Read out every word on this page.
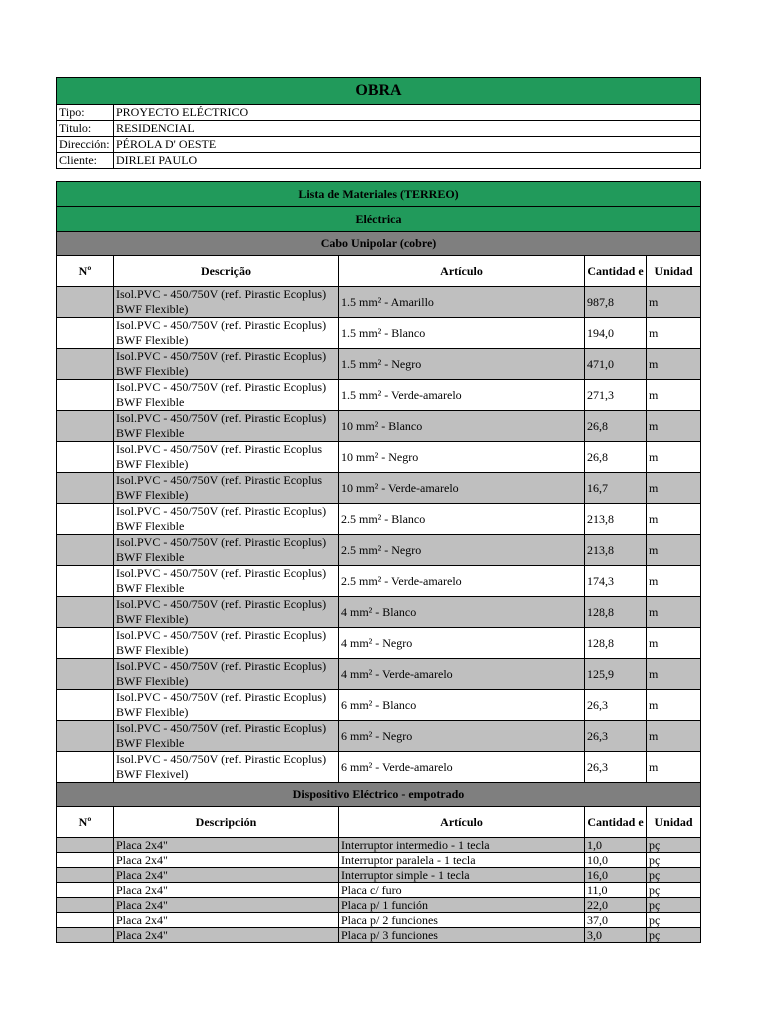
OBRA	
Tipo:	PROYECTO ELÉCTRICO
Titulo:	RESIDENCIAL
Dirección:	PÉROLA D' OESTE
Cliente:	DIRLEI PAULO
Lista de Materiales (TERREO)				
Eléctrica				
Cabo Unipolar (cobre)				
Nº	Descrição	Artículo	Cantidad e	Unidad
	Isol.PVC - 450/750V (ref. Pirastic Ecoplus) BWF Flexible)	1.5 mm² - Amarillo	987,8	m
	Isol.PVC - 450/750V (ref. Pirastic Ecoplus) BWF Flexible)	1.5 mm² - Blanco	194,0	m
	Isol.PVC - 450/750V (ref. Pirastic Ecoplus) BWF Flexible)	1.5 mm² - Negro	471,0	m
	Isol.PVC - 450/750V (ref. Pirastic Ecoplus) BWF Flexible	1.5 mm² - Verde-amarelo	271,3	m
	Isol.PVC - 450/750V (ref. Pirastic Ecoplus) BWF Flexible	10 mm² - Blanco	26,8	m
	Isol.PVC - 450/750V (ref. Pirastic Ecoplus BWF Flexible)	10 mm² - Negro	26,8	m
	Isol.PVC - 450/750V (ref. Pirastic Ecoplus BWF Flexible)	10 mm² - Verde-amarelo	16,7	m
	Isol.PVC - 450/750V (ref. Pirastic Ecoplus) BWF Flexible	2.5 mm² - Blanco	213,8	m
	Isol.PVC - 450/750V (ref. Pirastic Ecoplus) BWF Flexible	2.5 mm² - Negro	213,8	m
	Isol.PVC - 450/750V (ref. Pirastic Ecoplus) BWF Flexible	2.5 mm² - Verde-amarelo	174,3	m
	Isol.PVC - 450/750V (ref. Pirastic Ecoplus) BWF Flexible)	4 mm² - Blanco	128,8	m
	Isol.PVC - 450/750V (ref. Pirastic Ecoplus) BWF Flexible)	4 mm² - Negro	128,8	m
	Isol.PVC - 450/750V (ref. Pirastic Ecoplus) BWF Flexible)	4 mm² - Verde-amarelo	125,9	m
	Isol.PVC - 450/750V (ref. Pirastic Ecoplus) BWF Flexible)	6 mm² - Blanco	26,3	m
	Isol.PVC - 450/750V (ref. Pirastic Ecoplus) BWF Flexible	6 mm² - Negro	26,3	m
	Isol.PVC - 450/750V (ref. Pirastic Ecoplus) BWF Flexivel)	6 mm² - Verde-amarelo	26,3	m
Dispositivo Eléctrico - empotrado				
Nº	Descripción	Artículo	Cantidad e	Unidad
	Placa 2x4"	Interruptor intermedio - 1 tecla	1,0	pç
	Placa 2x4"	Interruptor paralela - 1 tecla	10,0	pç
	Placa 2x4"	Interruptor simple - 1 tecla	16,0	pç
	Placa 2x4"	Placa c/ furo	11,0	pç
	Placa 2x4"	Placa p/ 1 función	22,0	pç
	Placa 2x4"	Placa p/ 2 funciones	37,0	pç
	Placa 2x4"	Placa p/ 3 funciones	3,0	pç
